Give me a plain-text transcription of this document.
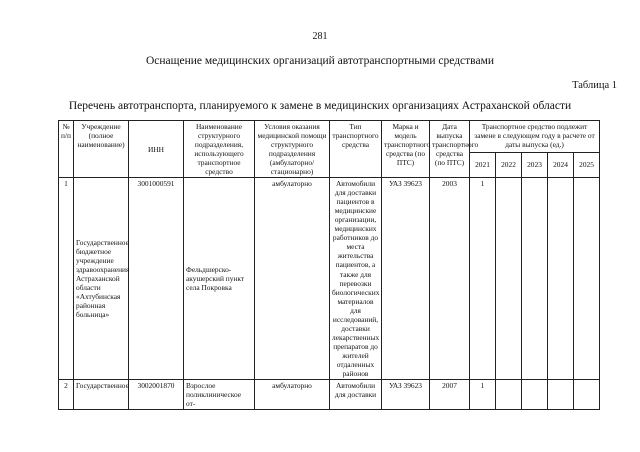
281
Оснащение медицинских организаций автотранспортными средствами
Таблица 1
Перечень автотранспорта, планируемого к замене в медицинских организациях Астраханской области
№ п/п	Учреждение (полное наименование)	ИНН	Наименование структурного подразделения, использующего транспортное средство	Условия оказания медицинской помощи структурного подразделения (амбулаторно/стационарно)	Тип транспортного средства	Марка и модель транспортного средства (по ПТС)	Дата выпуска транспортного средства (по ПТС)	Транспортное средство подлежит замене в следующем году в расчете от даты выпуска (ед.)				
								2021	2022	2023	2024	2025
1	Государственное бюджетное учреждение здравоохранения Астраханской области «Ахтубинская районная больница»	3001000591	Фельдшерско-акушерский пункт села Покровка	амбулаторно	Автомобили для доставки пациентов в медицинские организации, медицинских работников до места жительства пациентов, а также для перевозки биологических материалов для исследований, доставки лекарственных препаратов до жителей отдаленных районов	УАЗ 39623	2003	1				
2	Государственное	3002001870	Взрослое поликлиническое от-	амбулаторно	Автомобили для доставки	УАЗ 39623	2007	1				
